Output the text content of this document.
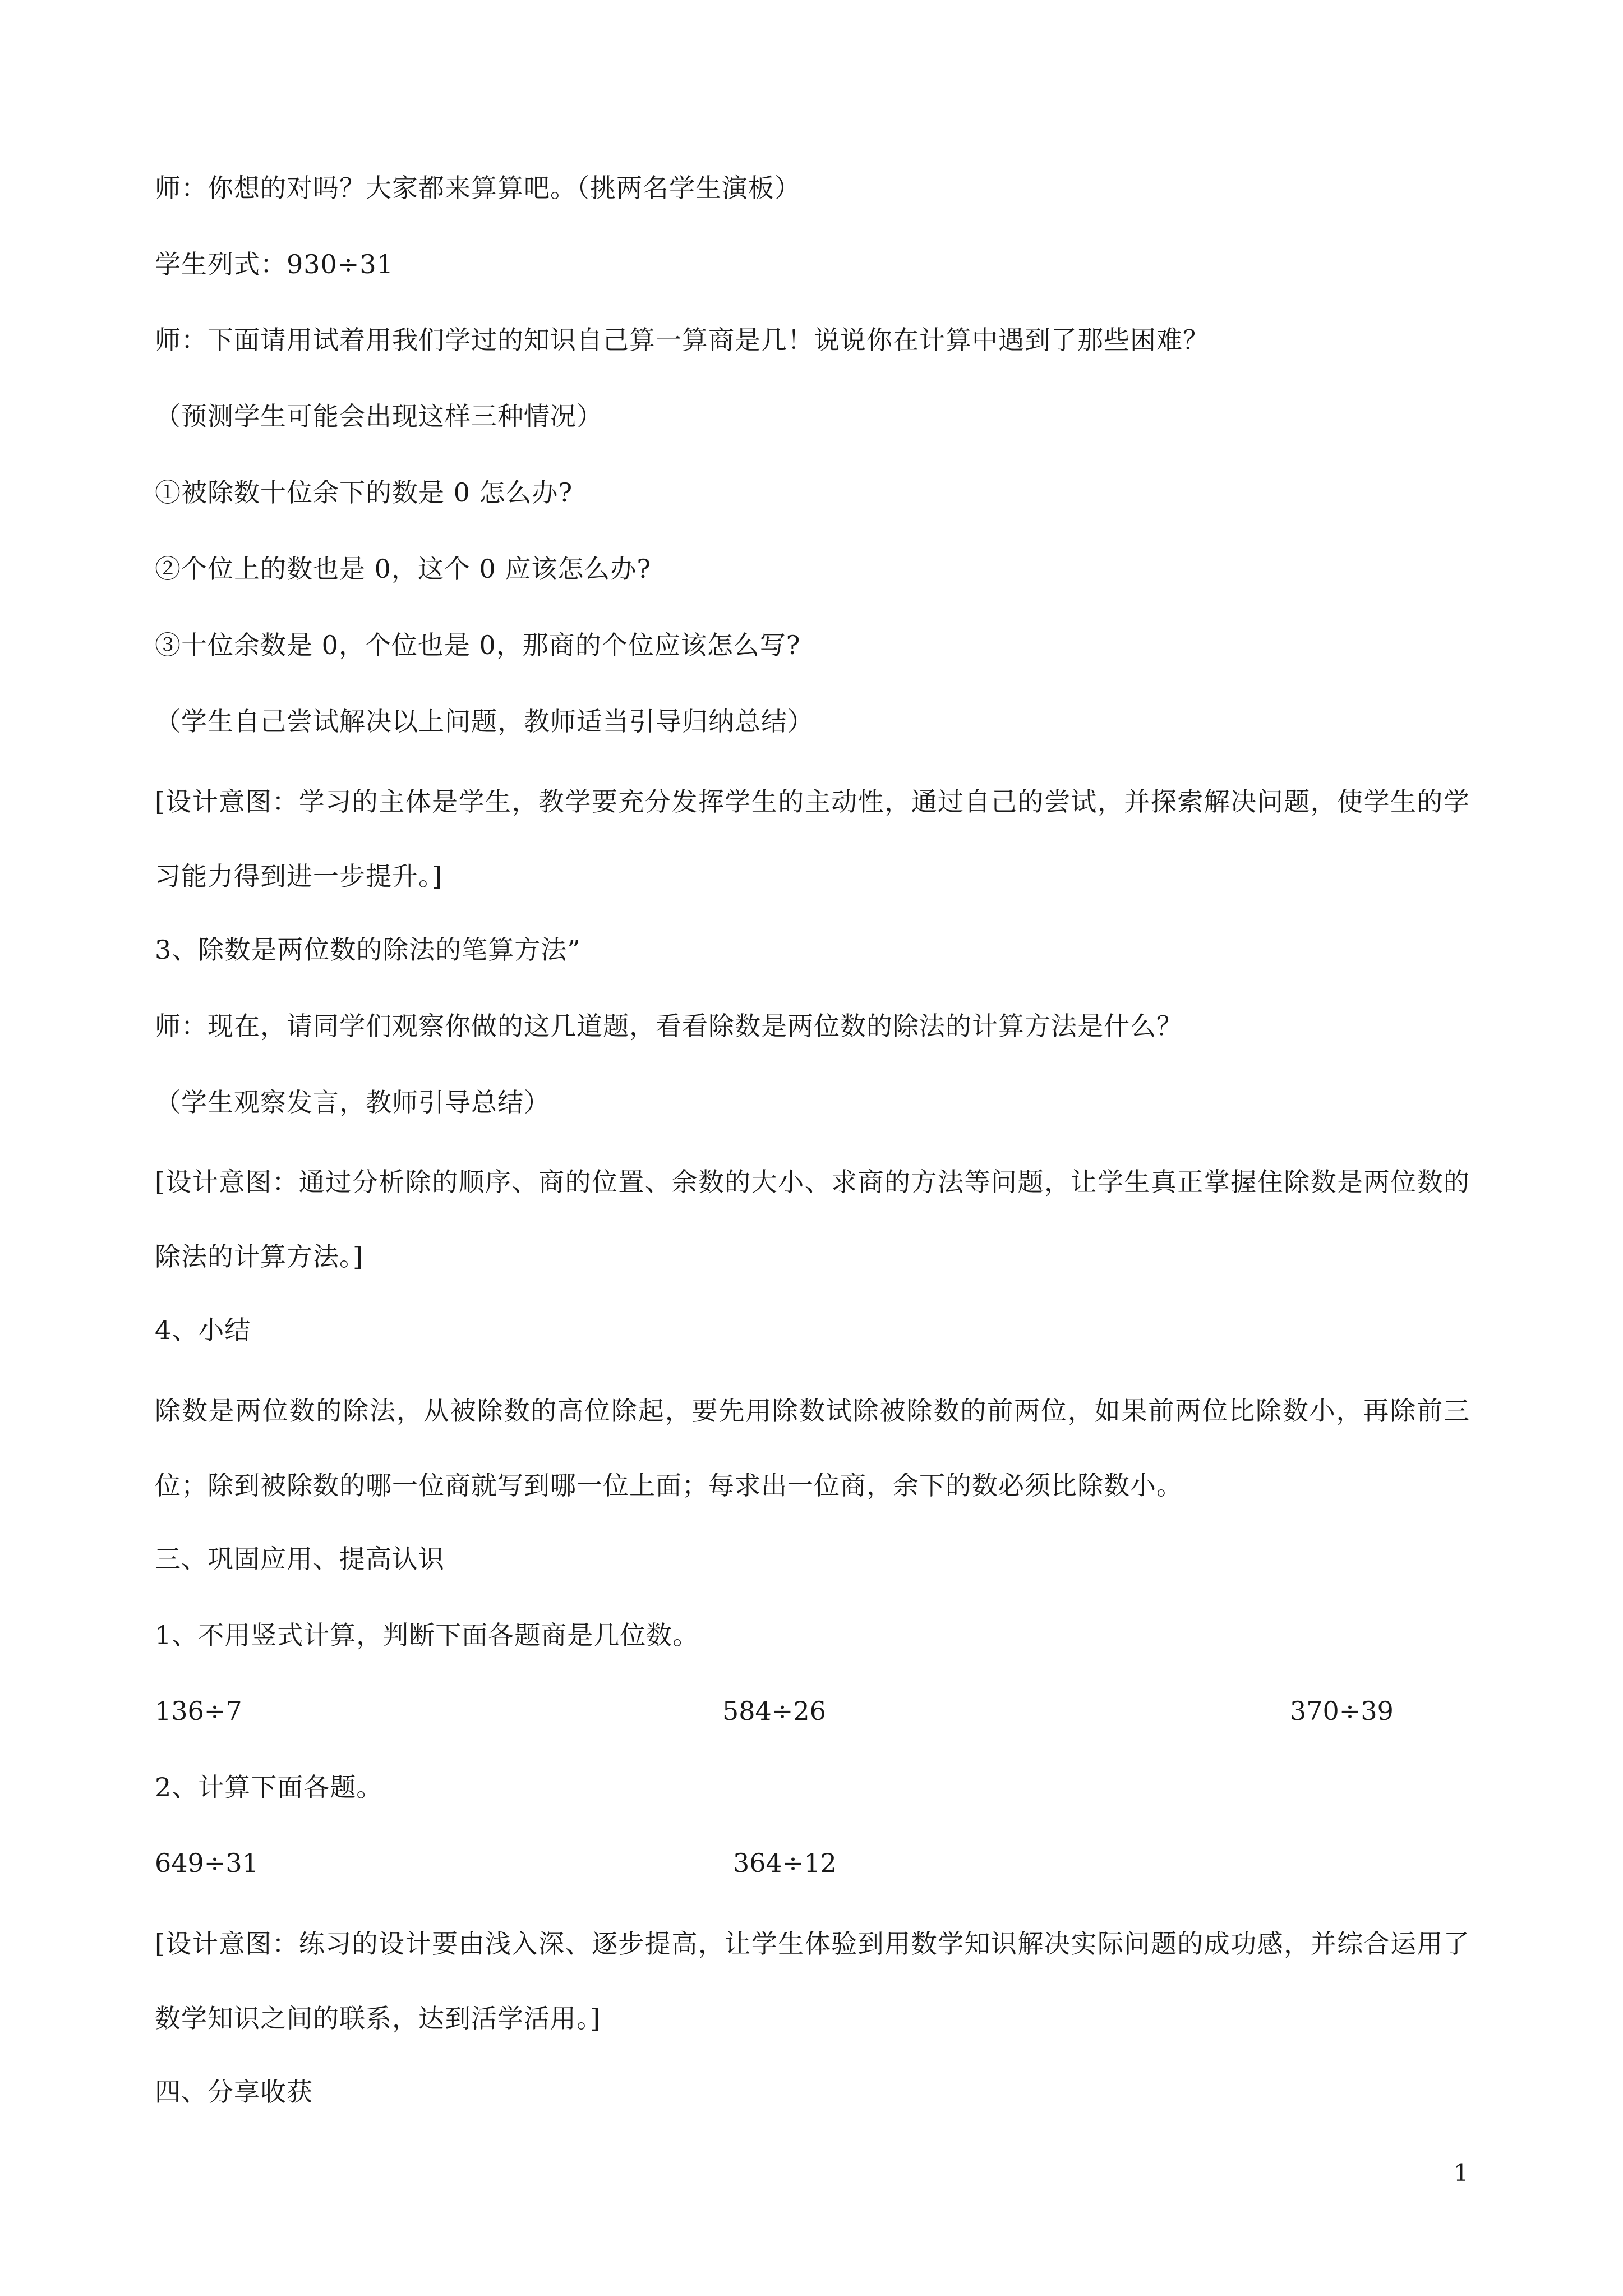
师：你想的对吗？大家都来算算吧。（挑两名学生演板）
学生列式：930÷31
师：下面请用试着用我们学过的知识自己算一算商是几！说说你在计算中遇到了那些困难？
（预测学生可能会出现这样三种情况）
①被除数十位余下的数是 0 怎么办?
②个位上的数也是 0，这个 0 应该怎么办?
③十位余数是 0，个位也是 0，那商的个位应该怎么写?
（学生自己尝试解决以上问题，教师适当引导归纳总结）
[设计意图：学习的主体是学生，教学要充分发挥学生的主动性，通过自己的尝试，并探索解决问题，使学生的学习能力得到进一步提升。]
3、除数是两位数的除法的笔算方法”
师：现在，请同学们观察你做的这几道题，看看除数是两位数的除法的计算方法是什么？
（学生观察发言，教师引导总结）
[设计意图：通过分析除的顺序、商的位置、余数的大小、求商的方法等问题，让学生真正掌握住除数是两位数的除法的计算方法。]
4、小结
除数是两位数的除法，从被除数的高位除起，要先用除数试除被除数的前两位，如果前两位比除数小，再除前三位；除到被除数的哪一位商就写到哪一位上面；每求出一位商，余下的数必须比除数小。
三、巩固应用、提高认识
1、不用竖式计算，判断下面各题商是几位数。
136÷7	584÷26	370÷39
2、计算下面各题。
649÷31	364÷12
[设计意图：练习的设计要由浅入深、逐步提高，让学生体验到用数学知识解决实际问题的成功感，并综合运用了数学知识之间的联系，达到活学活用。]
四、分享收获
1
